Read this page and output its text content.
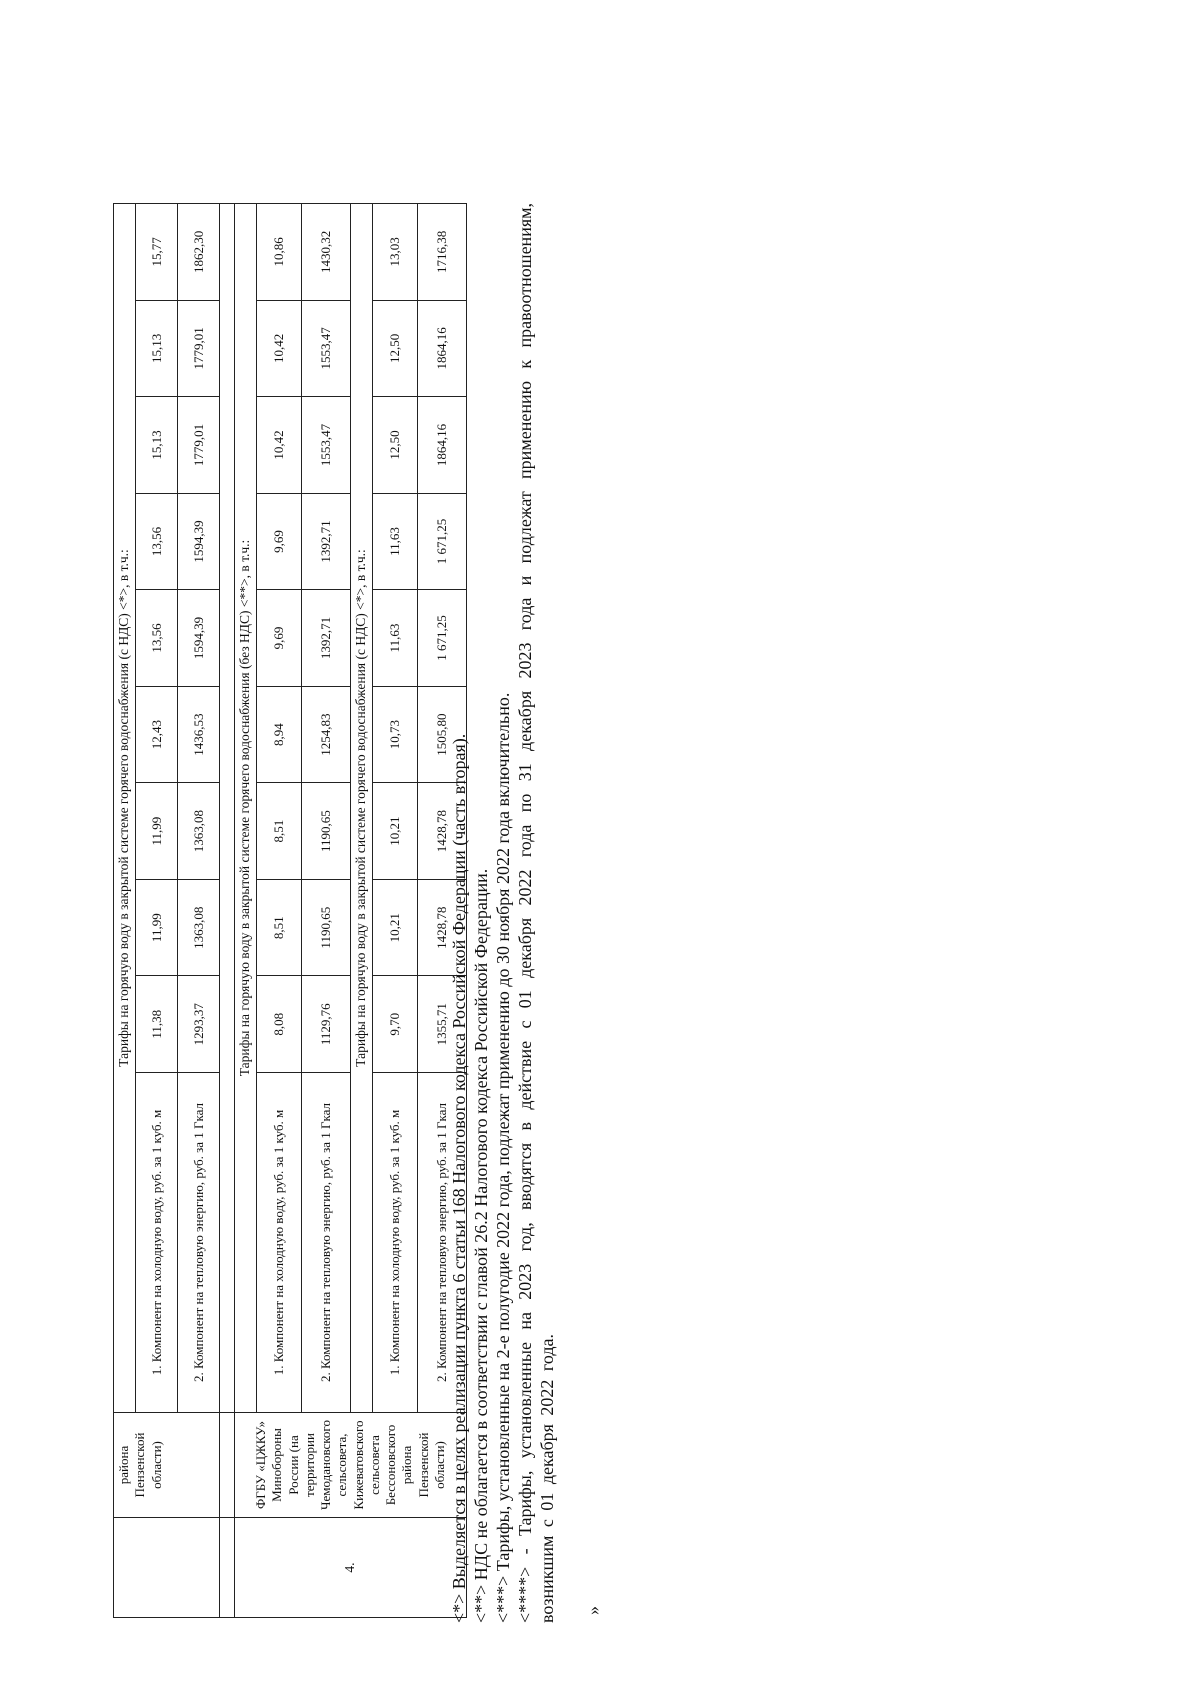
	района Пензенской области)	Тарифы на горячую воду в закрытой системе горячего водоснабжения (с НДС) <*>, в т.ч.:									
		1. Компонент на холодную воду, руб. за 1 куб. м	11,38	11,99	11,99	12,43	13,56	13,56	15,13	15,13	15,77
		2. Компонент на тепловую энергию, руб. за 1 Гкал	1293,37	1363,08	1363,08	1436,53	1594,39	1594,39	1779,01	1779,01	1862,30

4.	ФГБУ «ЦЖКУ» Минобороны России (на территории Чемодановского сельсовета, Кижеватовского сельсовета Бессоновского района Пензенской области)	Тарифы на горячую воду в закрытой системе горячего водоснабжения (без НДС) <**>, в т.ч.:									
		1. Компонент на холодную воду, руб. за 1 куб. м	8,08	8,51	8,51	8,94	9,69	9,69	10,42	10,42	10,86
		2. Компонент на тепловую энергию, руб. за 1 Гкал	1129,76	1190,65	1190,65	1254,83	1392,71	1392,71	1553,47	1553,47	1430,32
		Тарифы на горячую воду в закрытой системе горячего водоснабжения (с НДС) <*>, в т.ч.:									
		1. Компонент на холодную воду, руб. за 1 куб. м	9,70	10,21	10,21	10,73	11,63	11,63	12,50	12,50	13,03
		2. Компонент на тепловую энергию, руб. за 1 Гкал	1355,71	1428,78	1428,78	1505,80	1 671,25	1 671,25	1864,16	1864,16	1716,38

<*> Выделяется в целях реализации пункта 6 статьи 168 Налогового кодекса Российской Федерации (часть вторая). <**> НДС не облагается в соответствии с главой 26.2 Налогового кодекса Российской Федерации. <***> Тарифы, установленные на 2-е полугодие 2022 года, подлежат применению до 30 ноября 2022 года включительно. <****> - Тарифы, установленные на 2023 год, вводятся в действие с 01 декабря 2022 года по 31 декабря 2023 года и подлежат применению к правоотношениям, возникшим с 01 декабря 2022 года. »
